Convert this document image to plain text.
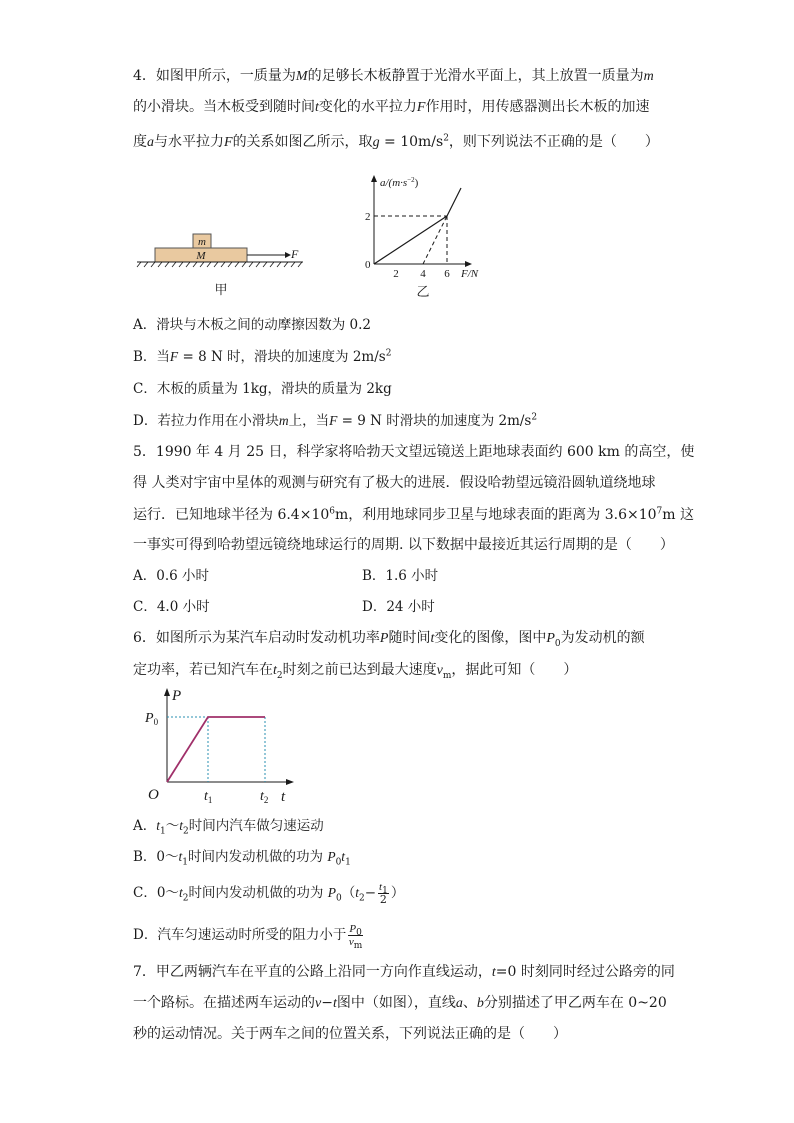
4．如图甲所示，一质量为M的足够长木板静置于光滑水平面上，其上放置一质量为m
的小滑块。当木板受到随时间t变化的水平拉力F作用时，用传感器测出长木板的加速
度a与水平拉力F的关系如图乙所示，取$g = 10m/s^2$，则下列说法不正确的是（　　）
m
M	F
甲
$a/(m\cdot s^{-2})$
F/N
0
2
2 4 6
乙
A．滑块与木板之间的动摩擦因数为 0.2
B．当F = 8 N 时，滑块的加速度为 $2m/s^2$
C．木板的质量为 1kg，滑块的质量为 2kg
D．若拉力作用在小滑块m上，当F = 9 N 时滑块的加速度为 $2m/s^2$
5．1990 年 4 月 25 日，科学家将哈勃天文望远镜送上距地球表面约 600 km 的高空，使
得 人类对宇宙中星体的观测与研究有了极大的进展．假设哈勃望远镜沿圆轨道绕地球
运行．已知地球半径为 $6.4\times 10^6m$，利用地球同步卫星与地球表面的距离为 $3.6\times 10^7m$ 这
一事实可得到哈勃望远镜绕地球运行的周期. 以下数据中最接近其运行周期的是（　　）
A．0.6 小时	B．1.6 小时
C．4.0 小时	D．24 小时
6．如图所示为某汽车启动时发动机功率P随时间t变化的图像，图中$P_0$为发动机的额
定功率，若已知汽车在$t_2$时刻之前已达到最大速度$v_m$，据此可知（　　）
P
t
O
$P_0$
$t_1$	$t_2$
A．$t_1\sim t_2$时间内汽车做匀速运动
B．$0\sim t_1$时间内发动机做的功为 $P_0t_1$
C．$0\sim t_2$时间内发动机做的功为 $P_0(t_2- \frac{t_1}{2}$ ）
D．汽车匀速运动时所受的阻力小于 $\frac{P_0}{v_m}$
7．甲乙两辆汽车在平直的公路上沿同一方向作直线运动，t=0 时刻同时经过公路旁的同
一个路标。在描述两车运动的v−t图中（如图），直线a、b分别描述了甲乙两车在 0~20
秒的运动情况。关于两车之间的位置关系，下列说法正确的是（　　）
